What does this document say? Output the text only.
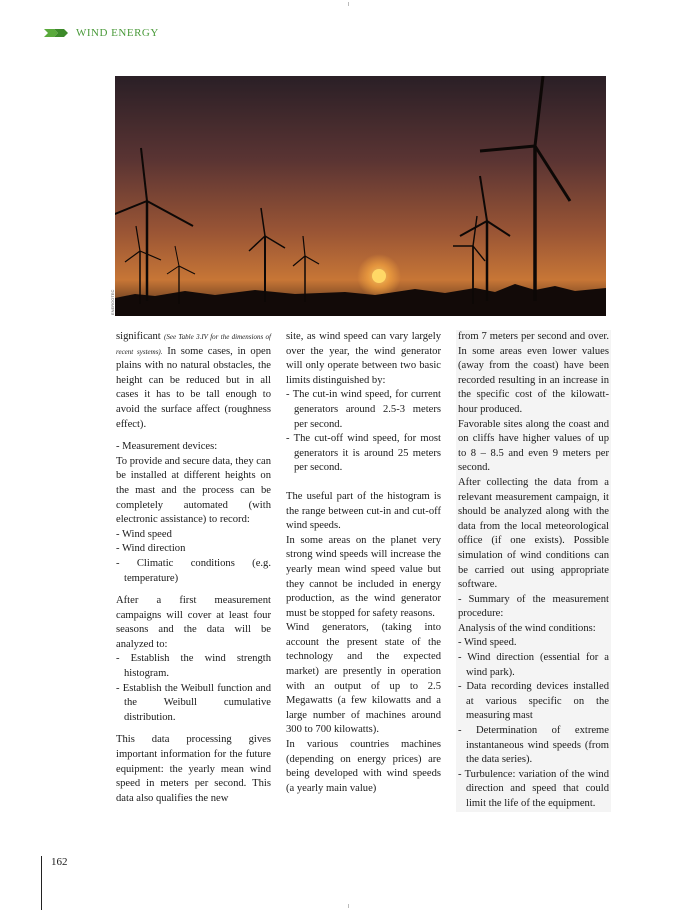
WIND ENERGY
ENERGOTEC

significant (See Table 3.IV for the dimensions of recent systems). In some cases, in open plains with no natural obstacles, the height can be reduced but in all cases it has to be tall enough to avoid the surface affect (roughness effect).

- Measurement devices:

To provide and secure data, they can be installed at different heights on the mast and the process can be completely automated (with electronic assistance) to record:

- Wind speed
- Wind direction
- Climatic conditions (e.g. temperature)

After a first measurement campaigns will cover at least four seasons and the data will be analyzed to:

- Establish the wind strength histogram.
- Establish the Weibull function and the Weibull cumulative distribution.

This data processing gives important information for the future equipment: the yearly mean wind speed in meters per second. This data also qualifies the new

site, as wind speed can vary largely over the year, the wind generator will only operate between two basic limits distinguished by:

- The cut-in wind speed, for current generators around 2.5-3 meters per second.
- The cut-off wind speed, for most generators it is around 25 meters per second.

The useful part of the histogram is the range between cut-in and cut-off wind speeds.

In some areas on the planet very strong wind speeds will increase the yearly mean wind speed value but they cannot be included in energy production, as the wind generator must be stopped for safety reasons.

Wind generators, (taking into account the present state of the technology and the expected market) are presently in operation with an output of up to 2.5 Megawatts (a few kilowatts and a large number of machines around 300 to 700 kilowatts).

In various countries machines (depending on energy prices) are being developed with wind speeds (a yearly main value)

from 7 meters per second and over. In some areas even lower values (away from the coast) have been recorded resulting in an increase in the specific cost of the kilowatt-hour produced.

Favorable sites along the coast and on cliffs have higher values of up to 8 – 8.5 and even 9 meters per second.

After collecting the data from a relevant measurement campaign, it should be analyzed along with the data from the local meteorological office (if one exists). Possible simulation of wind conditions can be carried out using appropriate software.

- Summary of the measurement procedure:

Analysis of the wind conditions:

- Wind speed.
- Wind direction (essential for a wind park).
- Data recording devices installed at various specific on the measuring mast
- Determination of extreme instantaneous wind speeds (from the data series).
- Turbulence: variation of the wind direction and speed that could limit the life of the equipment.
162
